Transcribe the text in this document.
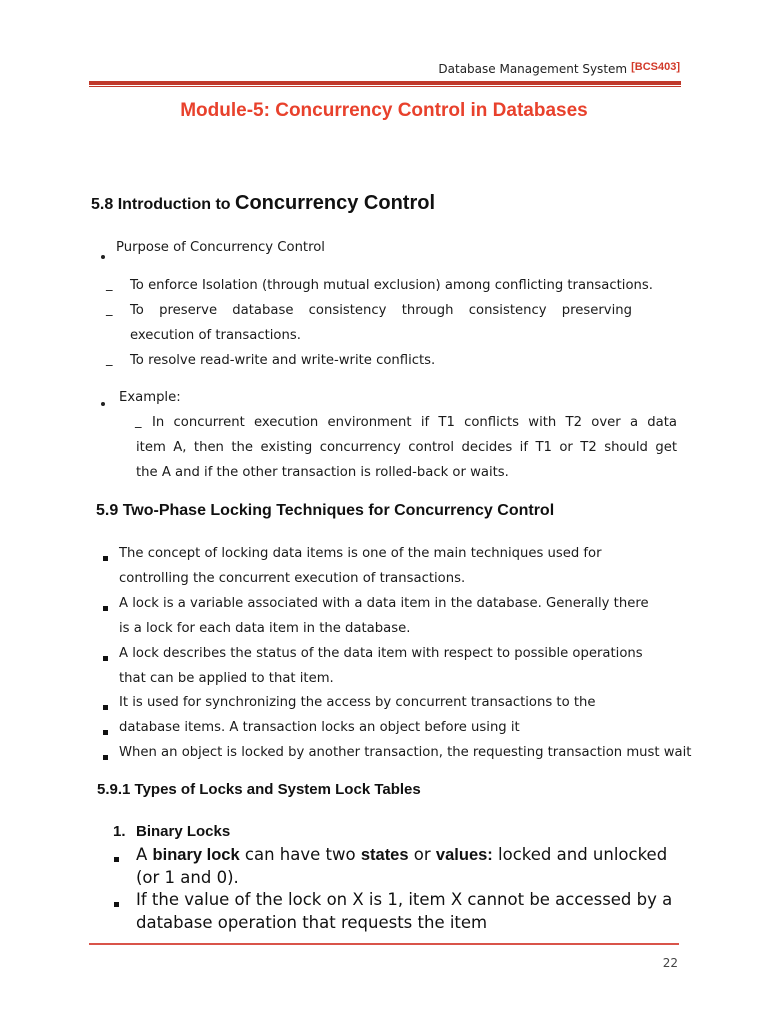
Database Management System [BCS403]
Module-5: Concurrency Control in Databases
5.8 Introduction to Concurrency Control
Purpose of Concurrency Control
_ To enforce Isolation (through mutual exclusion) among conflicting transactions.
_ To preserve database consistency through consistency preserving
execution of transactions.
_ To resolve read-write and write-write conflicts.
Example:
_ In concurrent execution environment if T1 conflicts with T2 over a data
item A, then the existing concurrency control decides if T1 or T2 should get
the A and if the other transaction is rolled-back or waits.
5.9 Two-Phase Locking Techniques for Concurrency Control
The concept of locking data items is one of the main techniques used for
controlling the concurrent execution of transactions.
A lock is a variable associated with a data item in the database. Generally there
is a lock for each data item in the database.
A lock describes the status of the data item with respect to possible operations
that can be applied to that item.
It is used for synchronizing the access by concurrent transactions to the
database items. A transaction locks an object before using it
When an object is locked by another transaction, the requesting transaction must wait
5.9.1 Types of Locks and System Lock Tables
1. Binary Locks
A binary lock can have two states or values: locked and unlocked
(or 1 and 0).
If the value of the lock on X is 1, item X cannot be accessed by a
database operation that requests the item
22
